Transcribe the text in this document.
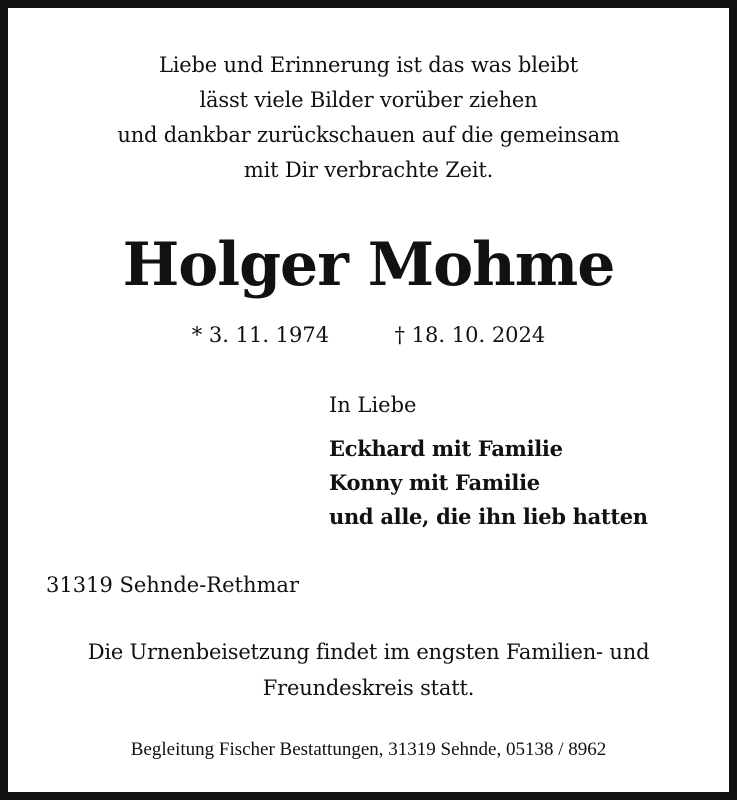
Liebe und Erinnerung ist das was bleibt
lässt viele Bilder vorüber ziehen
und dankbar zurückschauen auf die gemeinsam
mit Dir verbrachte Zeit.
Holger Mohme
* 3. 11. 1974	† 18. 10. 2024
In Liebe
Eckhard mit Familie
Konny mit Familie
und alle, die ihn lieb hatten
31319 Sehnde-Rethmar
Die Urnenbeisetzung findet im engsten Familien- und
Freundeskreis statt.
Begleitung Fischer Bestattungen, 31319 Sehnde, 05138 / 8962
